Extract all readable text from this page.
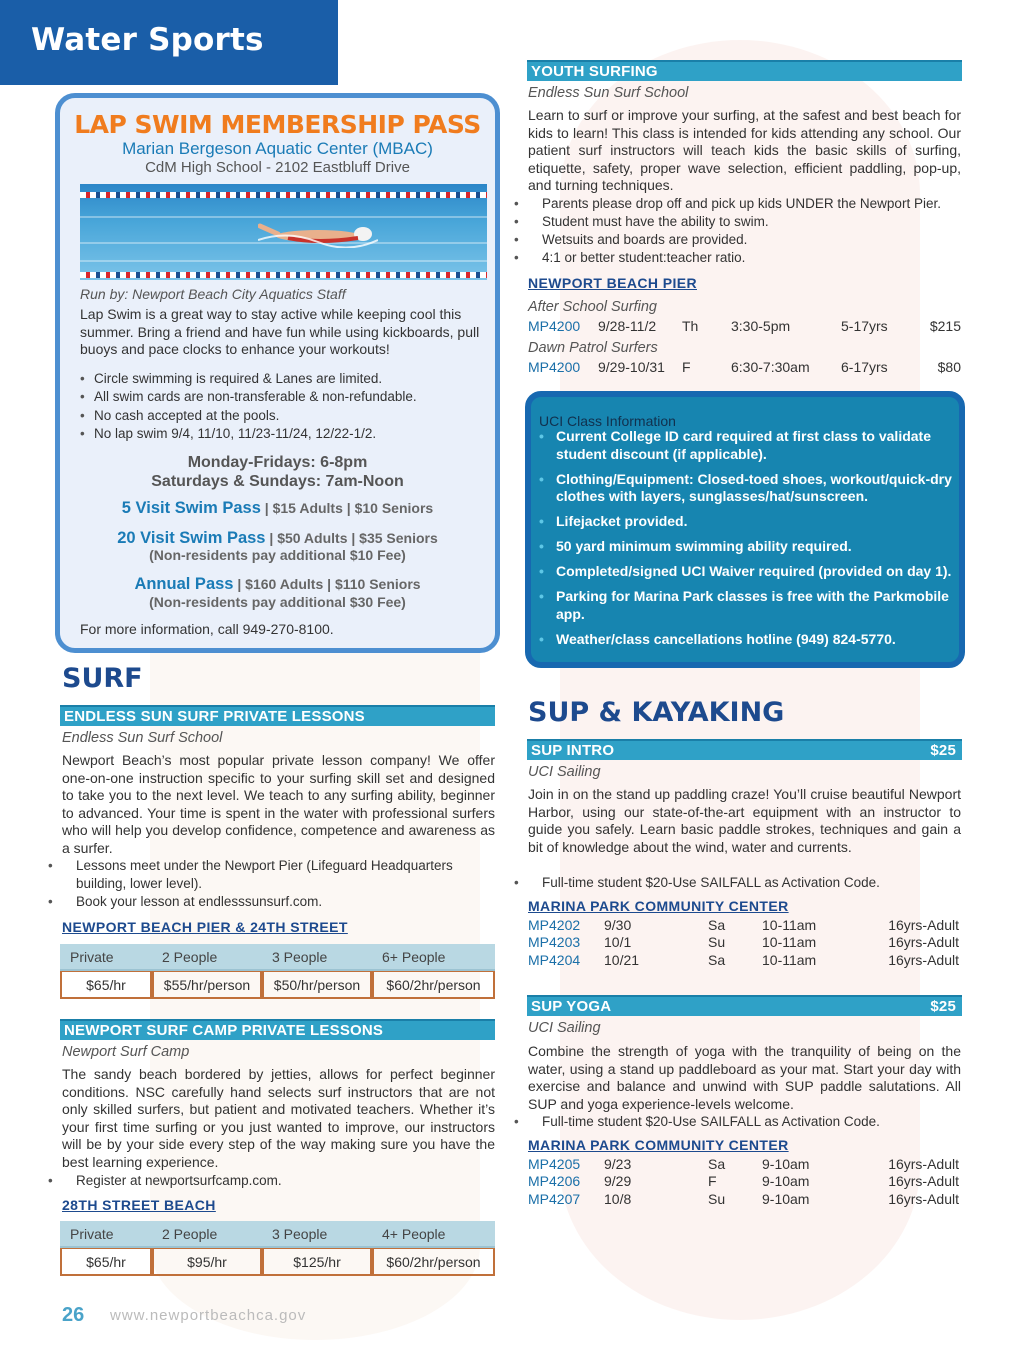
Water Sports
LAP SWIM MEMBERSHIP PASS
Marian Bergeson Aquatic Center (MBAC)
CdM High School - 2102 Eastbluff Drive
Run by: Newport Beach City Aquatics Staff
Lap Swim is a great way to stay active while keeping cool this summer. Bring a friend and have fun while using kickboards, pull buoys and pace clocks to enhance your workouts!
• Circle swimming is required & Lanes are limited.
• All swim cards are non-transferable & non-refundable.
• No cash accepted at the pools.
• No lap swim 9/4, 11/10, 11/23-11/24, 12/22-1/2.
Monday-Fridays: 6-8pm
Saturdays & Sundays: 7am-Noon
5 Visit Swim Pass | $15 Adults | $10 Seniors
20 Visit Swim Pass | $50 Adults | $35 Seniors
(Non-residents pay additional $10 Fee)
Annual Pass | $160 Adults | $110 Seniors
(Non-residents pay additional $30 Fee)
For more information, call 949-270-8100.
SURF
ENDLESS SUN SURF PRIVATE LESSONS
Endless Sun Surf School
Newport Beach’s most popular private lesson company! We offer one-on-one instruction specific to your surfing skill set and designed to take you to the next level. We teach to any surfing ability, beginner to advanced. Your time is spent in the water with professional surfers who will help you develop confidence, competence and awareness as a surfer.
• Lessons meet under the Newport Pier (Lifeguard Headquarters building, lower level).
• Book your lesson at endlesssunsurf.com.
NEWPORT BEACH PIER & 24TH STREET
Private	2 People	3 People	6+ People
$65/hr	$55/hr/person	$50/hr/person	$60/2hr/person
NEWPORT SURF CAMP PRIVATE LESSONS
Newport Surf Camp
The sandy beach bordered by jetties, allows for perfect beginner conditions. NSC carefully hand selects surf instructors that are not only skilled surfers, but patient and motivated teachers. Whether it’s your first time surfing or you just wanted to improve, our instructors will be by your side every step of the way making sure you have the best learning experience.
• Register at newportsurfcamp.com.
28TH STREET BEACH
Private	2 People	3 People	4+ People
$65/hr	$95/hr	$125/hr	$60/2hr/person
YOUTH SURFING
Endless Sun Surf School
Learn to surf or improve your surfing, at the safest and best beach for kids to learn! This class is intended for kids attending any school. Our patient surf instructors will teach kids the basic skills of surfing, etiquette, safety, proper wave selection, efficient paddling, pop-up, and turning techniques.
• Parents please drop off and pick up kids UNDER the Newport Pier.
• Student must have the ability to swim.
• Wetsuits and boards are provided.
• 4:1 or better student:teacher ratio.
NEWPORT BEACH PIER
After School Surfing
MP4200 9/28-11/2 Th 3:30-5pm	5-17yrs	$215
Dawn Patrol Surfers
MP4200 9/29-10/31 F	6:30-7:30am 6-17yrs	$80
UCI Class Information
• Current College ID card required at first class to validate student discount (if applicable).
• Clothing/Equipment: Closed-toed shoes, workout/quick-dry clothes with layers, sunglasses/hat/sunscreen.
• Lifejacket provided.
• 50 yard minimum swimming ability required.
• Completed/signed UCI Waiver required (provided on day 1).
• Parking for Marina Park classes is free with the Parkmobile app.
• Weather/class cancellations hotline (949) 824-5770.
SUP & KAYAKING
SUP INTRO	$25
UCI Sailing
Join in on the stand up paddling craze! You’ll cruise beautiful Newport Harbor, using our state-of-the-art equipment with an instructor to guide you safely. Learn basic paddle strokes, techniques and gain a bit of knowledge about the wind, water and currents.
• Full-time student $20-Use SAILFALL as Activation Code.
MARINA PARK COMMUNITY CENTER
MP4202 9/30	Sa	10-11am	16yrs-Adult
MP4203 10/1	Su	10-11am	16yrs-Adult
MP4204 10/21	Sa	10-11am	16yrs-Adult
SUP YOGA	$25
UCI Sailing
Combine the strength of yoga with the tranquility of being on the water, using a stand up paddleboard as your mat. Start your day with exercise and balance and unwind with SUP paddle salutations. All SUP and yoga experience-levels welcome.
• Full-time student $20-Use SAILFALL as Activation Code.
MARINA PARK COMMUNITY CENTER
MP4205 9/23	Sa	9-10am	16yrs-Adult
MP4206 9/29	F	9-10am	16yrs-Adult
MP4207 10/8	Su	9-10am	16yrs-Adult
26 www.newportbeachca.gov
